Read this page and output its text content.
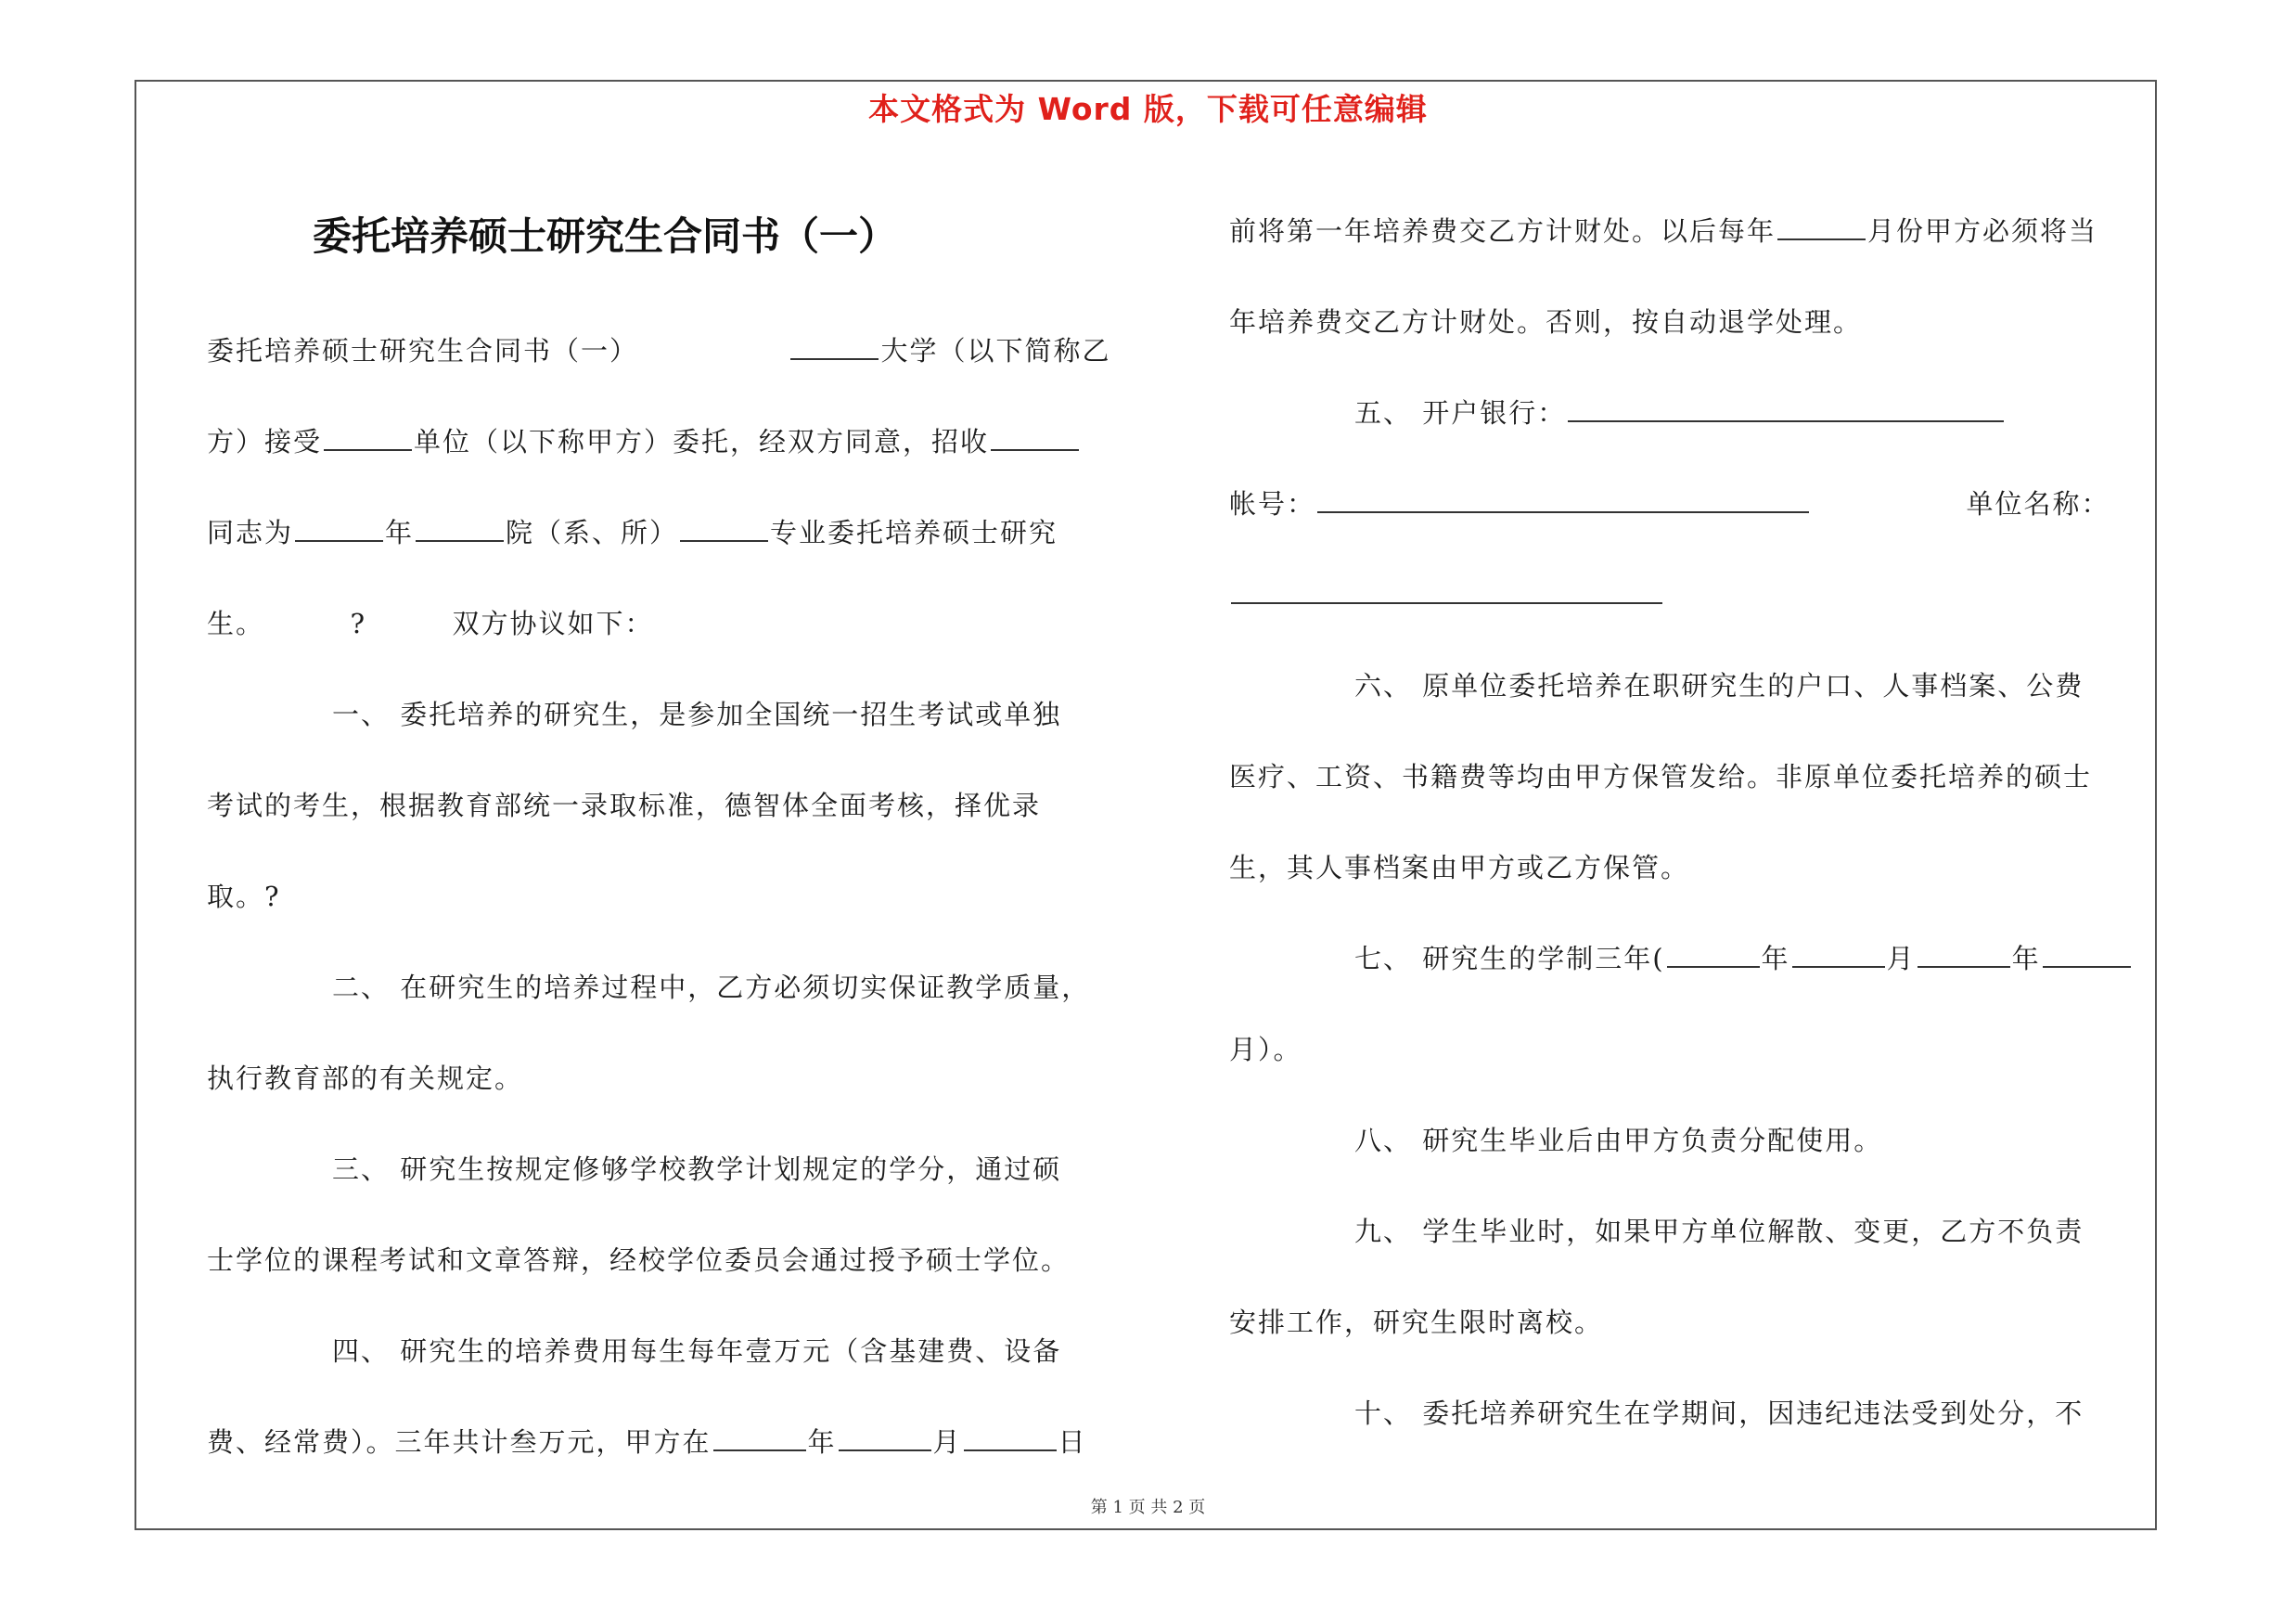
本文格式为 Word 版，下载可任意编辑
委托培养硕士研究生合同书（一）
委托培养硕士研究生合同书（一）	大学（以下简称乙
方）接受	单位（以下称甲方）委托，经双方同意，招收
同志为	年	院（系、所）	专业委托培养硕士研究
生。	?	双方协议如下：
一、 委托培养的研究生，是参加全国统一招生考试或单独
考试的考生，根据教育部统一录取标准，德智体全面考核，择优录
取。?
二、 在研究生的培养过程中，乙方必须切实保证教学质量，
执行教育部的有关规定。
三、 研究生按规定修够学校教学计划规定的学分，通过硕
士学位的课程考试和文章答辩，经校学位委员会通过授予硕士学位。
四、 研究生的培养费用每生每年壹万元（含基建费、设备
费、经常费）。三年共计叁万元，甲方在	年	月	日
前将第一年培养费交乙方计财处。以后每年	月份甲方必须将当
年培养费交乙方计财处。否则，按自动退学处理。
五、 开户银行：
帐号：	单位名称：
六、 原单位委托培养在职研究生的户口、人事档案、公费
医疗、工资、书籍费等均由甲方保管发给。非原单位委托培养的硕士
生，其人事档案由甲方或乙方保管。
七、 研究生的学制三年(	年	月	年
月）。
八、 研究生毕业后由甲方负责分配使用。
九、 学生毕业时，如果甲方单位解散、变更，乙方不负责
安排工作，研究生限时离校。
十、 委托培养研究生在学期间，因违纪违法受到处分，不
第 1 页 共 2 页
